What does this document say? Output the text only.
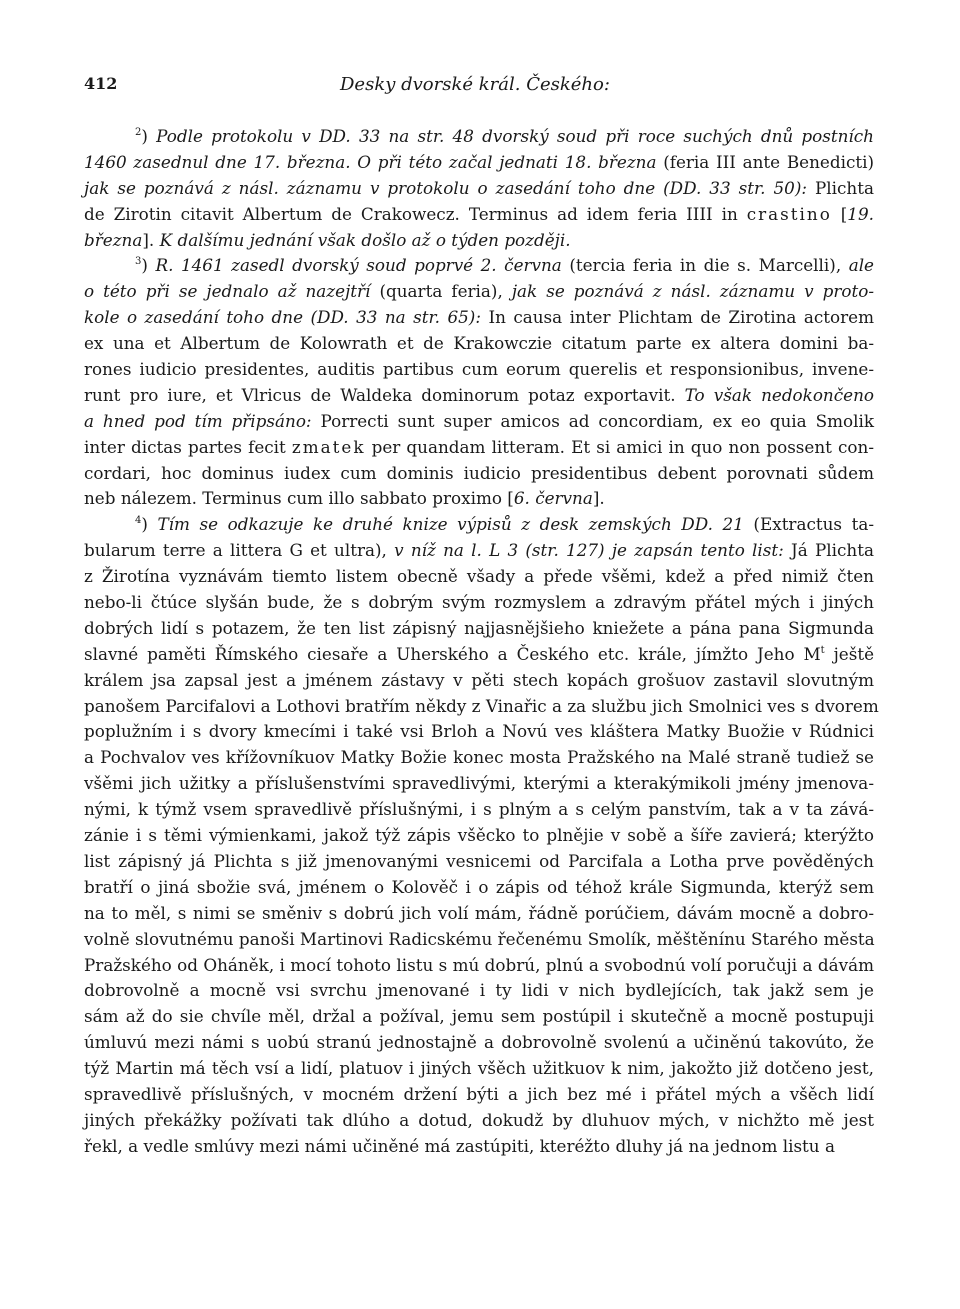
412	Desky dvorské král. Českého:
$^2$) Podle protokolu v DD. 33 na str. 48 dvorský soud při roce suchých dnů postních
1460 zasednul dne 17. března. O při této začal jednati 18. března (feria III ante Benedicti)
jak se poznává z násl. záznamu v protokolu o zasedání toho dne (DD. 33 str. 50): Plichta
de Zirotin citavit Albertum de Crakowecz. Terminus ad idem feria IIII in crastino [19.
března]. K dalšímu jednání však došlo až o týden později.
$^3$) R. 1461 zasedl dvorský soud poprvé 2. června (tercia feria in die s. Marcelli), ale
o této při se jednalo až nazejtří (quarta feria), jak se poznává z násl. záznamu v proto-
kole o zasedání toho dne (DD. 33 na str. 65): In causa inter Plichtam de Zirotina actorem
ex una et Albertum de Kolowrath et de Krakowczie citatum parte ex altera domini ba-
rones iudicio presidentes, auditis partibus cum eorum querelis et responsionibus, invene-
runt pro iure, et Vlricus de Waldeka dominorum potaz exportavit. To však nedokončeno
a hned pod tím připsáno: Porrecti sunt super amicos ad concordiam, ex eo quia Smolik
inter dictas partes fecit zmatek per quandam litteram. Et si amici in quo non possent con-
cordari, hoc dominus iudex cum dominis iudicio presidentibus debent porovnati sůdem
neb nálezem. Terminus cum illo sabbato proximo [6. června].
$^4$) Tím se odkazuje ke druhé knize výpisů z desk zemských DD. 21 (Extractus ta-
bularum terre a littera G et ultra), v níž na l. L 3 (str. 127) je zapsán tento list: Já Plichta
z Žirotína vyznávám tiemto listem obecně všady a přede všěmi, kdež a před nimiž čten
nebo-li čtúce slyšán bude, že s dobrým svým rozmyslem a zdravým přátel mých i jiných
dobrých lidí s potazem, že ten list zápisný najjasnějšieho kniežete a pána pana Sigmunda
slavné paměti Římského ciesaře a Uherského a Českého etc. krále, jímžto Jeho $M^t$ ještě
králem jsa zapsal jest a jménem zástavy v pěti stech kopách grošuov zastavil slovutným
panošem Parcifalovi a Lothovi bratřím někdy z Vinařic a za službu jich Smolnici ves s dvorem
poplužním i s dvory kmecími i také vsi Brloh a Novú ves kláštera Matky Buožie v Rúdnici
a Pochvalov ves křížovníkuov Matky Božie konec mosta Pražského na Malé straně tudiež se
všěmi jich užitky a příslušenstvími spravedlivými, kterými a kterakýmikoli jmény jmenova-
nými, k týmž vsem spravedlivě příslušnými, i s plným a s celým panstvím, tak a v ta zává-
zánie i s těmi výmienkami, jakož týž zápis všěcko to plnějie v sobě a šíře zavierá; kterýžto
list zápisný já Plichta s již jmenovanými vesnicemi od Parcifala a Lotha prve pověděných
bratří o jiná sbožie svá, jménem o Kolověč i o zápis od téhož krále Sigmunda, kterýž sem
na to měl, s nimi se směniv s dobrú jich volí mám, řádně porúčiem, dávám mocně a dobro-
volně slovutnému panoši Martinovi Radicskému řečenému Smolík, měštěnínu Starého města
Pražského od Oháněk, i mocí tohoto listu s mú dobrú, plnú a svobodnú volí poručuji a dávám
dobrovolně a mocně vsi svrchu jmenované i ty lidi v nich bydlejících, tak jakž sem je
sám až do sie chvíle měl, držal a požíval, jemu sem postúpil i skutečně a mocně postupuji
úmluvú mezi námi s uobú stranú jednostajně a dobrovolně svolenú a učiněnú takovúto, že
týž Martin má těch vsí a lidí, platuov i jiných všěch užitkuov k nim, jakožto již dotčeno jest,
spravedlivě příslušných, v mocném držení býti a jich bez mé i přátel mých a všěch lidí
jiných překážky požívati tak dlúho a dotud, dokudž by dluhuov mých, v nichžto mě jest
řekl, a vedle smlúvy mezi námi učiněné má zastúpiti, kteréžto dluhy já na jednom listu a
